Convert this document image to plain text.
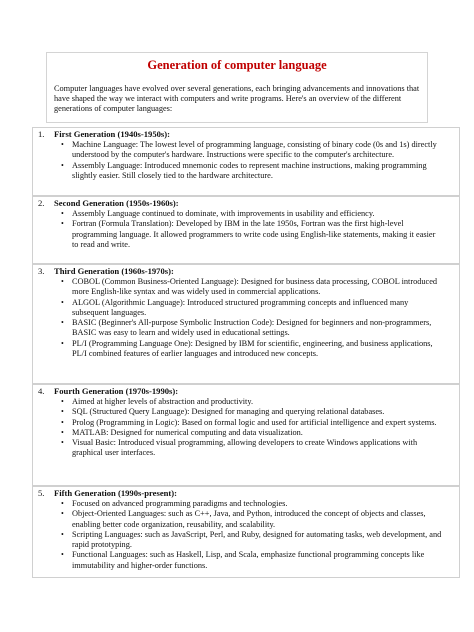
Generation of computer language
Computer languages have evolved over several generations, each bringing advancements and innovations that have shaped the way we interact with computers and write programs. Here's an overview of the different generations of computer languages:
1. First Generation (1940s-1950s):
• Machine Language: The lowest level of programming language, consisting of binary code (0s and 1s) directly understood by the computer's hardware. Instructions were specific to the computer's architecture.
• Assembly Language: Introduced mnemonic codes to represent machine instructions, making programming slightly easier. Still closely tied to the hardware architecture.
2. Second Generation (1950s-1960s):
• Assembly Language continued to dominate, with improvements in usability and efficiency.
• Fortran (Formula Translation): Developed by IBM in the late 1950s, Fortran was the first high-level programming language. It allowed programmers to write code using English-like statements, making it easier to read and write.
3. Third Generation (1960s-1970s):
• COBOL (Common Business-Oriented Language): Designed for business data processing, COBOL introduced more English-like syntax and was widely used in commercial applications.
• ALGOL (Algorithmic Language): Introduced structured programming concepts and influenced many subsequent languages.
• BASIC (Beginner's All-purpose Symbolic Instruction Code): Designed for beginners and non-programmers, BASIC was easy to learn and widely used in educational settings.
• PL/I (Programming Language One): Designed by IBM for scientific, engineering, and business applications, PL/I combined features of earlier languages and introduced new concepts.
4. Fourth Generation (1970s-1990s):
• Aimed at higher levels of abstraction and productivity.
• SQL (Structured Query Language): Designed for managing and querying relational databases.
• Prolog (Programming in Logic): Based on formal logic and used for artificial intelligence and expert systems.
• MATLAB: Designed for numerical computing and data visualization.
• Visual Basic: Introduced visual programming, allowing developers to create Windows applications with graphical user interfaces.
5. Fifth Generation (1990s-present):
• Focused on advanced programming paradigms and technologies.
• Object-Oriented Languages: such as C++, Java, and Python, introduced the concept of objects and classes, enabling better code organization, reusability, and scalability.
• Scripting Languages: such as JavaScript, Perl, and Ruby, designed for automating tasks, web development, and rapid prototyping.
• Functional Languages: such as Haskell, Lisp, and Scala, emphasize functional programming concepts like immutability and higher-order functions.
